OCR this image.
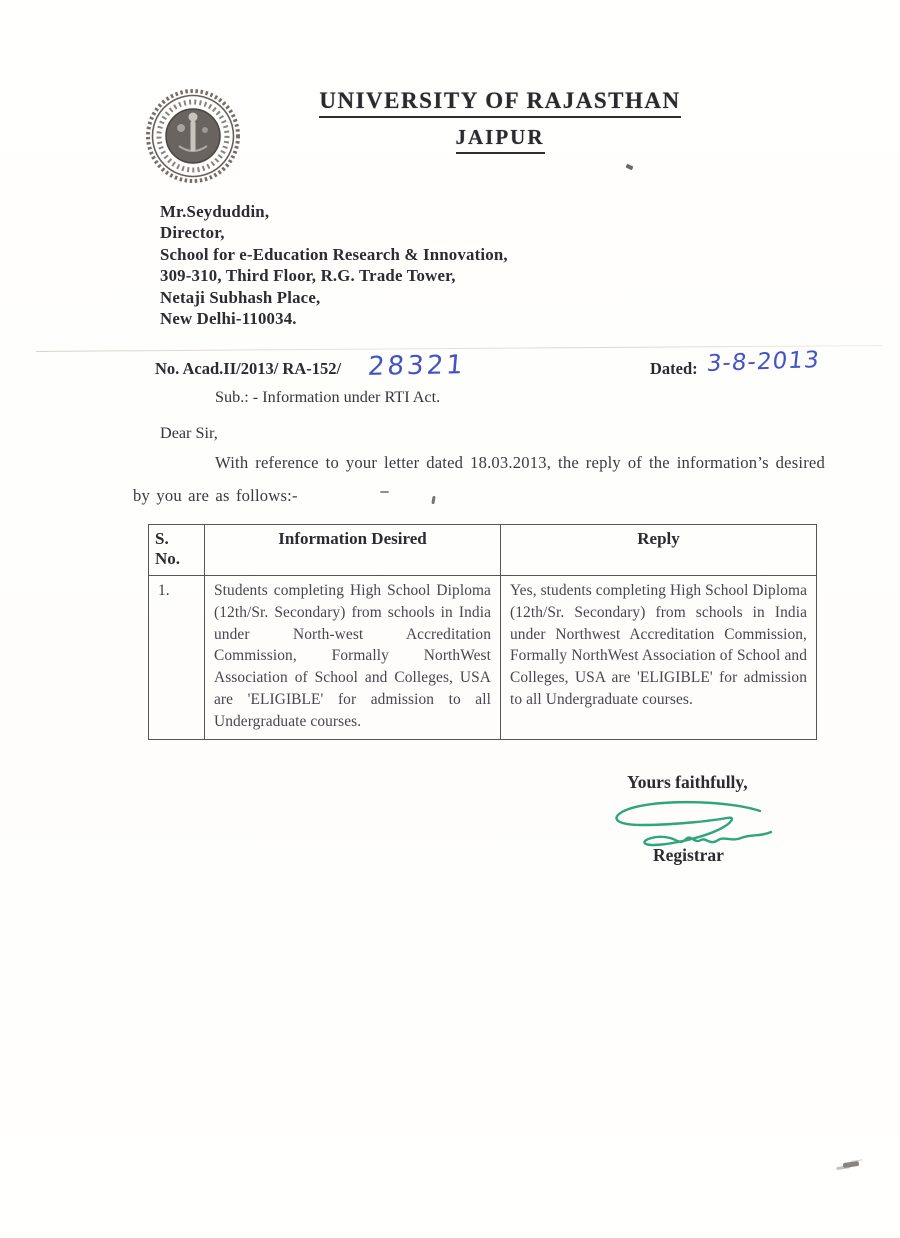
UNIVERSITY OF RAJASTHAN
JAIPUR
Mr.Seyduddin,
Director,
School for e-Education Research & Innovation,
309-310, Third Floor, R.G. Trade Tower,
Netaji Subhash Place,
New Delhi-110034.
No. Acad.II/2013/ RA-152/ 28321	Dated: 3-8-2013
Sub.: - Information under RTI Act.
Dear Sir,
With reference to your letter dated 18.03.2013, the reply of the information’s desired by you are as follows:-
S. No.	Information Desired	Reply
1.	Students completing High School Diploma (12th/Sr. Secondary) from schools in India under North-west Accreditation Commission, Formally NorthWest Association of School and Colleges, USA are 'ELIGIBLE' for admission to all Undergraduate courses.	Yes, students completing High School Diploma (12th/Sr. Secondary) from schools in India under Northwest Accreditation Commission, Formally NorthWest Association of School and Colleges, USA are 'ELIGIBLE' for admission to all Undergraduate courses.
Yours faithfully,
Registrar
